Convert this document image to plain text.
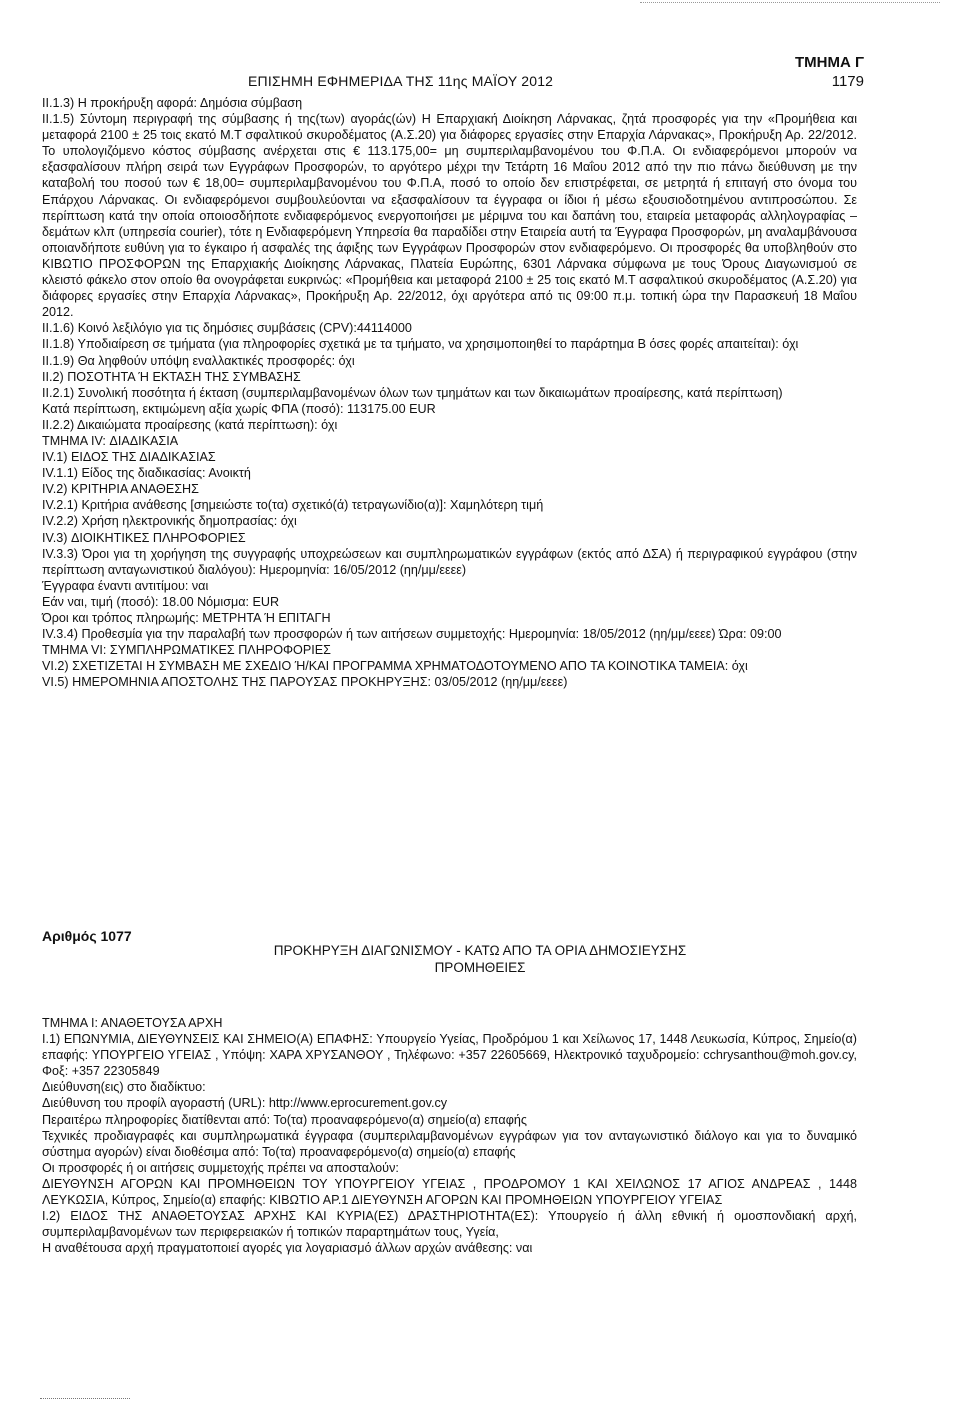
ΤΜΗΜΑ Γ
ΕΠΙΣΗΜΗ ΕΦΗΜΕΡΙΔΑ ΤΗΣ 11ης ΜΑΪΟΥ 2012	1179

ΙΙ.1.3) Η προκήρυξη αφορά: Δημόσια σύμβαση

ΙΙ.1.5) Σύντομη περιγραφή της σύμβασης ή της(των) αγοράς(ών) Η Επαρχιακή Διοίκηση Λάρνακας, ζητά προσφορές για την «Προμήθεια και μεταφορά 2100 ± 25 τοις εκατό Μ.Τ σφαλτικού σκυροδέματος (Α.Σ.20) για διάφορες εργασίες στην Επαρχία Λάρνακας», Προκήρυξη Αρ. 22/2012. Το υπολογιζόμενο κόστος σύμβασης ανέρχεται στις € 113.175,00= μη συμπεριλαμβανομένου του Φ.Π.Α. Οι ενδιαφερόμενοι μπορούν να εξασφαλίσουν πλήρη σειρά των Εγγράφων Προσφορών, το αργότερο μέχρι την Τετάρτη 16 Μαΐου 2012 από την πιο πάνω διεύθυνση με την καταβολή του ποσού των € 18,00= συμπεριλαμβανομένου του Φ.Π.Α, ποσό το οποίο δεν επιστρέφεται, σε μετρητά ή επιταγή στο όνομα του Επάρχου Λάρνακας. Οι ενδιαφερόμενοι συμβουλεύονται να εξασφαλίσουν τα έγγραφα οι ίδιοι ή μέσω εξουσιοδοτημένου αντιπροσώπου. Σε περίπτωση κατά την οποία οποιοσδήποτε ενδιαφερόμενος ενεργοποιήσει με μέριμνα του και δαπάνη του, εταιρεία μεταφοράς αλληλογραφίας – δεμάτων κλπ (υπηρεσία courier), τότε η Ενδιαφερόμενη Υπηρεσία θα παραδίδει στην Εταιρεία αυτή τα Έγγραφα Προσφορών, μη αναλαμβάνουσα οποιανδήποτε ευθύνη για το έγκαιρο ή ασφαλές της άφιξης των Εγγράφων Προσφορών στον ενδιαφερόμενο. Οι προσφορές θα υποβληθούν στο ΚΙΒΩΤΙΟ ΠΡΟΣΦΟΡΩΝ της Επαρχιακής Διοίκησης Λάρνακας, Πλατεία Ευρώπης, 6301 Λάρνακα σύμφωνα με τους Όρους Διαγωνισμού σε κλειστό φάκελο στον οποίο θα ονογράφεται ευκρινώς: «Προμήθεια και μεταφορά 2100 ± 25 τοις εκατό Μ.Τ ασφαλτικού σκυροδέματος (Α.Σ.20) για διάφορες εργασίες στην Επαρχία Λάρνακας», Προκήρυξη Αρ. 22/2012, όχι αργότερα από τις 09:00 π.μ. τοπική ώρα την Παρασκευή 18 Μαΐου 2012.

ΙΙ.1.6) Κοινό λεξιλόγιο για τις δημόσιες συμβάσεις (CPV):44114000

ΙΙ.1.8) Υποδιαίρεση σε τμήματα (για πληροφορίες σχετικά με τα τμήματο, να χρησιμοποιηθεί το παράρτημα Β όσες φορές απαιτείται): όχι

ΙΙ.1.9) Θα ληφθούν υπόψη εναλλακτικές προσφορές: όχι

ΙΙ.2) ΠΟΣΟΤΗΤΑ Ή ΕΚΤΑΣΗ ΤΗΣ ΣΥΜΒΑΣΗΣ

ΙΙ.2.1) Συνολική ποσότητα ή έκταση (συμπεριλαμβανομένων όλων των τμημάτων και των δικαιωμάτων προαίρεσης, κατά περίπτωση)

Κατά περίπτωση, εκτιμώμενη αξία χωρίς ΦΠΑ (ποσό): 113175.00 EUR

ΙΙ.2.2) Δικαιώματα προαίρεσης (κατά περίπτωση): όχι

ΤΜΗΜΑ IV: ΔΙΑΔΙΚΑΣΙΑ

IV.1) ΕΙΔΟΣ ΤΗΣ ΔΙΑΔΙΚΑΣΙΑΣ

IV.1.1) Είδος της διαδικασίας: Ανοικτή

IV.2) ΚΡΙΤΗΡΙΑ ΑΝΑΘΕΣΗΣ

IV.2.1) Κριτήρια ανάθεσης [σημειώστε το(τα) σχετικό(ά) τετραγωνίδιο(α)]: Χαμηλότερη τιμή

IV.2.2) Χρήση ηλεκτρονικής δημοπρασίας: όχι

IV.3) ΔΙΟΙΚΗΤΙΚΕΣ ΠΛΗΡΟΦΟΡΙΕΣ

IV.3.3) Όροι για τη χορήγηση της συγγραφής υποχρεώσεων και συμπληρωματικών εγγράφων (εκτός από ΔΣΑ) ή περιγραφικού εγγράφου (στην περίπτωση ανταγωνιστικού διαλόγου): Ημερομηνία: 16/05/2012 (ηη/μμ/εεεε)

Έγγραφα έναντι αντιτίμου: ναι

Εάν ναι, τιμή (ποσό): 18.00 Νόμισμα: EUR

Όροι και τρόπος πληρωμής: ΜΕΤΡΗΤΑ Ή ΕΠΙΤΑΓΗ

IV.3.4) Προθεσμία για την παραλαβή των προσφορών ή των αιτήσεων συμμετοχής: Ημερομηνία: 18/05/2012 (ηη/μμ/εεεε) Ώρα: 09:00

ΤΜΗΜΑ VI: ΣΥΜΠΛΗΡΩΜΑΤΙΚΕΣ ΠΛΗΡΟΦΟΡΙΕΣ

VI.2) ΣΧΕΤΙΖΕΤΑΙ Η ΣΥΜΒΑΣΗ ΜΕ ΣΧΕΔΙΟ Ή/ΚΑΙ ΠΡΟΓΡΑΜΜΑ ΧΡΗΜΑΤΟΔΟΤΟΥΜΕΝΟ ΑΠΟ ΤΑ ΚΟΙΝΟΤΙΚΑ ΤΑΜΕΙΑ: όχι

VI.5) ΗΜΕΡΟΜΗΝΙΑ ΑΠΟΣΤΟΛΗΣ ΤΗΣ ΠΑΡΟΥΣΑΣ ΠΡΟΚΗΡΥΞΗΣ: 03/05/2012 (ηη/μμ/εεεε)

Αριθμός 1077
ΠΡΟΚΗΡΥΞΗ ΔΙΑΓΩΝΙΣΜΟΥ - ΚΑΤΩ ΑΠΟ ΤΑ ΟΡΙΑ ΔΗΜΟΣΙΕΥΣΗΣ
ΠΡΟΜΗΘΕΙΕΣ

ΤΜΗΜΑ Ι: ΑΝΑΘΕΤΟΥΣΑ ΑΡΧΗ

Ι.1) ΕΠΩΝΥΜΙΑ, ΔΙΕΥΘΥΝΣΕΙΣ ΚΑΙ ΣΗΜΕΙΟ(Α) ΕΠΑΦΗΣ: Υπουργείο Υγείας, Προδρόμου 1 και Χείλωνος 17, 1448 Λευκωσία, Κύπρος, Σημείο(α) επαφής: ΥΠΟΥΡΓΕΙΟ ΥΓΕΙΑΣ , Υπόψη: ΧΑΡΑ ΧΡΥΣΑΝΘΟΥ , Τηλέφωνο: +357 22605669, Ηλεκτρονικό ταχυδρομείο: cchrysanthou@moh.gov.cy, Φοξ: +357 22305849

Διεύθυνση(εις) στο διαδίκτυο:

Διεύθυνση του προφίλ αγοραστή (URL): http://www.eprocurement.gov.cy

Περαιτέρω πληροφορίες διατίθενται από: Το(τα) προαναφερόμενο(α) σημείο(α) επαφής

Τεχνικές προδιαγραφές και συμπληρωματικά έγγραφα (συμπεριλαμβανομένων εγγράφων για τον ανταγωνιστικό διάλογο και για το δυναμικό σύστημα αγορών) είναι διοθέσιμα από: Το(τα) προαναφερόμενο(α) σημείο(α) επαφής

Οι προσφορές ή οι αιτήσεις συμμετοχής πρέπει να αποσταλούν:

ΔΙΕΥΘΥΝΣΗ ΑΓΟΡΩΝ ΚΑΙ ΠΡΟΜΗΘΕΙΩΝ ΤΟΥ ΥΠΟΥΡΓΕΙΟΥ ΥΓΕΙΑΣ , ΠΡΟΔΡΟΜΟΥ 1 ΚΑΙ ΧΕΙΛΩΝΟΣ 17 ΑΓΙΟΣ ΑΝΔΡΕΑΣ , 1448 ΛΕΥΚΩΣΙΑ, Κύπρος, Σημείο(α) επαφής: ΚΙΒΩΤΙΟ ΑΡ.1 ΔΙΕΥΘΥΝΣΗ ΑΓΟΡΩΝ ΚΑΙ ΠΡΟΜΗΘΕΙΩΝ ΥΠΟΥΡΓΕΙΟΥ ΥΓΕΙΑΣ

Ι.2) ΕΙΔΟΣ ΤΗΣ ΑΝΑΘΕΤΟΥΣΑΣ ΑΡΧΗΣ ΚΑΙ ΚΥΡΙΑ(ΕΣ) ΔΡΑΣΤΗΡΙΟΤΗΤΑ(ΕΣ): Υπουργείο ή άλλη εθνική ή ομοσπονδιακή αρχή, συμπεριλαμβανομένων των περιφερειακών ή τοπικών παραρτημάτων τους, Υγεία,

Η αναθέτουσα αρχή πραγματοποιεί αγορές για λογαριασμό άλλων αρχών ανάθεσης: ναι
